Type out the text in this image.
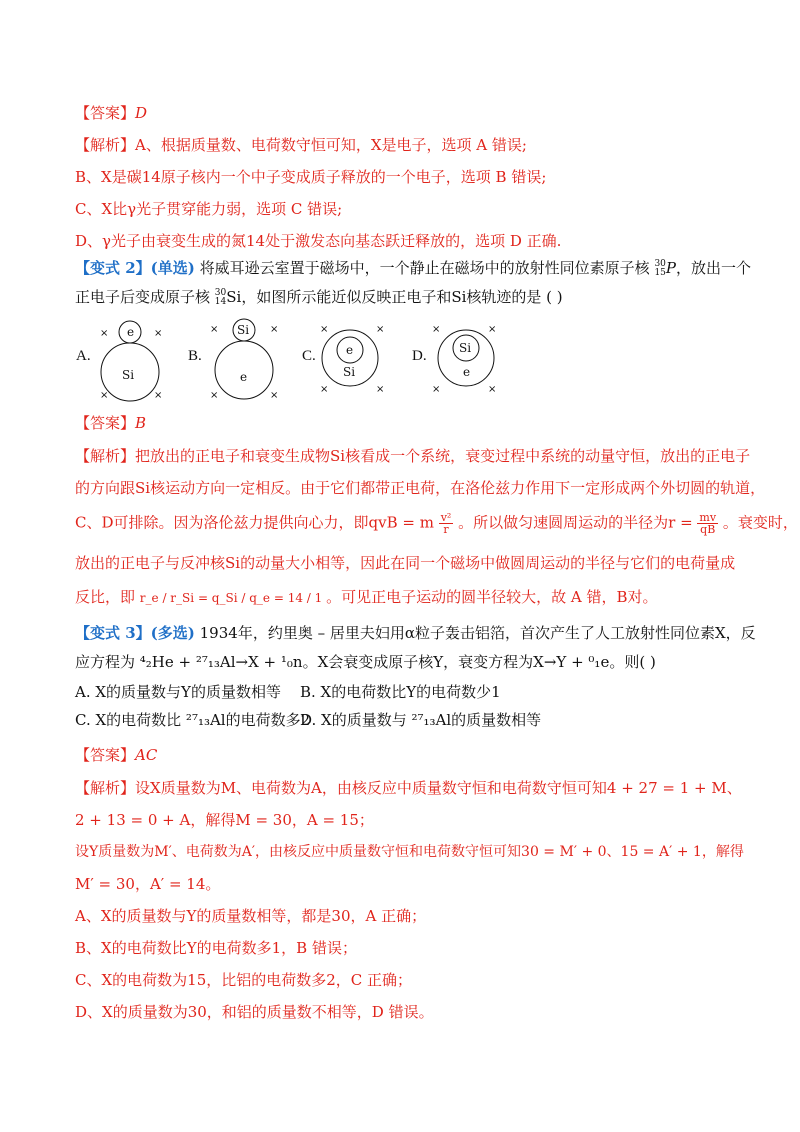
【答案】D
【解析】A、根据质量数、电荷数守恒可知，X是电子，选项 A 错误;
B、X是碳14原子核内一个中子变成质子释放的一个电子，选项 B 错误;
C、X比γ光子贯穿能力弱，选项 C 错误;
D、γ光子由衰变生成的氮14处于激发态向基态跃迁释放的，选项 D 正确.
【变式 2】(单选) 将威耳逊云室置于磁场中，一个静止在磁场中的放射性同位素原子核 30
15P，放出一个
正电子后变成原子核 30
14Si，如图所示能近似反映正电子和Si核轨迹的是 ( )
A.
×	×
×	×
e
Si
B.
×	×
×	×
Si
e
C.
×	×
×	×
e
Si
D.
×	×
×	×
Si
e
【答案】B
【解析】把放出的正电子和衰变生成物Si核看成一个系统，衰变过程中系统的动量守恒，放出的正电子
的方向跟Si核运动方向一定相反。由于它们都带正电荷，在洛伦兹力作用下一定形成两个外切圆的轨道，
C、D可排除。因为洛伦兹力提供向心力，即qvB = m $\frac{\text{v²}}{r}$ 。所以做匀速圆周运动的半径为$r = \frac{mv}{qB}$ 。衰变时，
放出的正电子与反冲核Si的动量大小相等，因此在同一个磁场中做圆周运动的半径与它们的电荷量成
反比，即 r_e / r_Si = q_Si / q_e = 14 / 1 。可见正电子运动的圆半径较大，故 A 错，B对。
【变式 3】(多选) 1934年，约里奥 – 居里夫妇用α粒子轰击铝箔，首次产生了人工放射性同位素X，反
应方程为 ⁴₂He + ²⁷₁₃Al→X + ¹₀n。X会衰变成原子核Y，衰变方程为X→Y + ⁰₁e。则( )
A. X的质量数与Y的质量数相等 B. X的电荷数比Y的电荷数少1
C. X的电荷数比 ²⁷₁₃Al的电荷数多2
D. X的质量数与 ²⁷₁₃Al的质量数相等
【答案】AC
【解析】设X质量数为M、电荷数为A，由核反应中质量数守恒和电荷数守恒可知4 + 27 = 1 + M、
2 + 13 = 0 + A，解得M = 30，A = 15；
设Y质量数为M′、电荷数为A′，由核反应中质量数守恒和电荷数守恒可知30 = M′ + 0、15 = A′ + 1，解得
M′ = 30，A′ = 14。
A、X的质量数与Y的质量数相等，都是30，A 正确；
B、X的电荷数比Y的电荷数多1，B 错误；
C、X的电荷数为15，比铝的电荷数多2，C 正确；
D、X的质量数为30，和铝的质量数不相等，D 错误。
